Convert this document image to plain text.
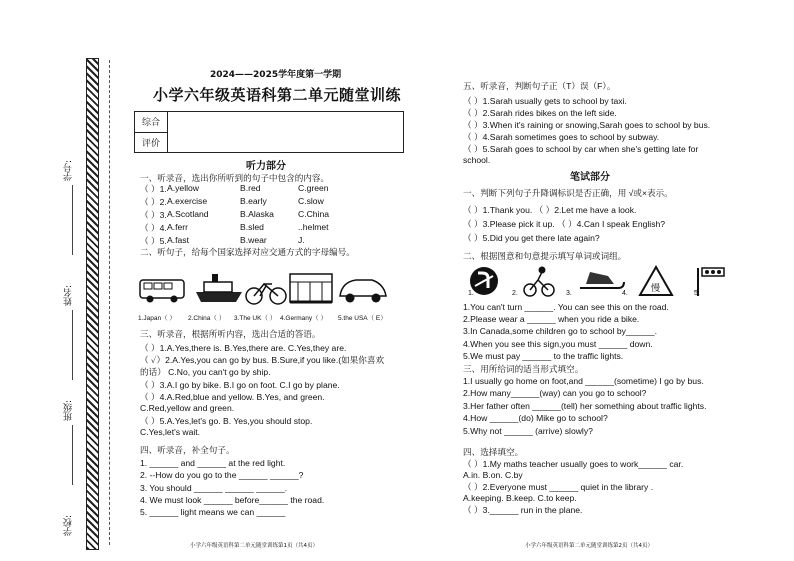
学号:
姓名:
班级:
学校:
2024——2025学年度第一学期
小学六年级英语科第二单元随堂训练
综合	
评价
听力部分
一、听录音，选出你所听到的句子中包含的内容。
（ ）1. A.yellow	B.red	C.green
（ ）2. A.exercise	B.early	C.slow
（ ）3. A.Scotland	B.Alaska	C.China
（ ）4. A.ferr	B.sled	..helmet
（ ）5. A.fast	B.wear	J.
二、听句子，给每个国家选择对应交通方式的字母编号。
1.Japan（ ） 2.China（ ） 3.The UK（ ） 4.Germany（ ） 5.the USA（ E）
三、听录音，根据所听内容，选出合适的答语。
（ ）1.A.Yes,there is. B.Yes,there are. C.Yes,they are.
（ ✓）2.A.Yes,you can go by bus. B.Sure,if you like.(如果你喜欢
的话） C.No, you can't go by ship.
（ ）3.A.I go by bike. B.I go on foot. C.I go by plane.
（ ）4.A.Red,blue and yellow. B.Yes, and green.
C.Red,yellow and green.
（ ）5.A.Yes,let's go. B. Yes,you should stop.
C.Yes,let's wait.
四、听录音，补全句子。
1. ______ and ______ at the red light.
2. --How do you go to the ______ ______?
3. You should ______ ______ ______.
4. We must look ______ before______ the road.
5. ______ light means we can ______
五、听录音，判断句子正（T）误（F）。
（ ）1.Sarah usually gets to school by taxi.
（ ）2.Sarah rides bikes on the left side.
（ ）3.When it's raining or snowing,Sarah goes to school by bus.
（ ）4.Sarah sometimes goes to school by subway.
（ ）5.Sarah goes to school by car when she's getting late for
school.
笔试部分
一、判断下列句子升降调标识是否正确，用 √或×表示。
（ ）1.Thank you. （ ）2.Let me have a look.
（ ）3.Please pick it up. （ ）4.Can I speak English?
（ ）5.Did you get there late again?
二、根据图意和句意提示填写单词或词组。
慢
1.	2.	3.	4.	5.
1.You can't turn ______. You can see this on the road.
2.Please wear a ______ when you ride a bike.
3.In Canada,some children go to school by______.
4.When you see this sign,you must ______ down.
5.We must pay ______ to the traffic lights.
三、用所给词的适当形式填空。
1.I usually go home on foot,and ______(sometime) I go by bus.
2.How many______(way) can you go to school?
3.Her father often ______(tell) her something about traffic lights.
4.How ______(do) Mike go to school?
5.Why not ______ (arrive) slowly?
四、选择填空。
（ ）1.My maths teacher usually goes to work______ car.
A.in. B.on. C.by
（ ）2.Everyone must ______ quiet in the library .
A.keeping. B.keep. C.to keep.
（ ）3.______ run in the plane.
小学六年级英语科第二单元随堂训练第1页（共4页）	小学六年级英语科第二单元随堂训练第2页（共4页）
